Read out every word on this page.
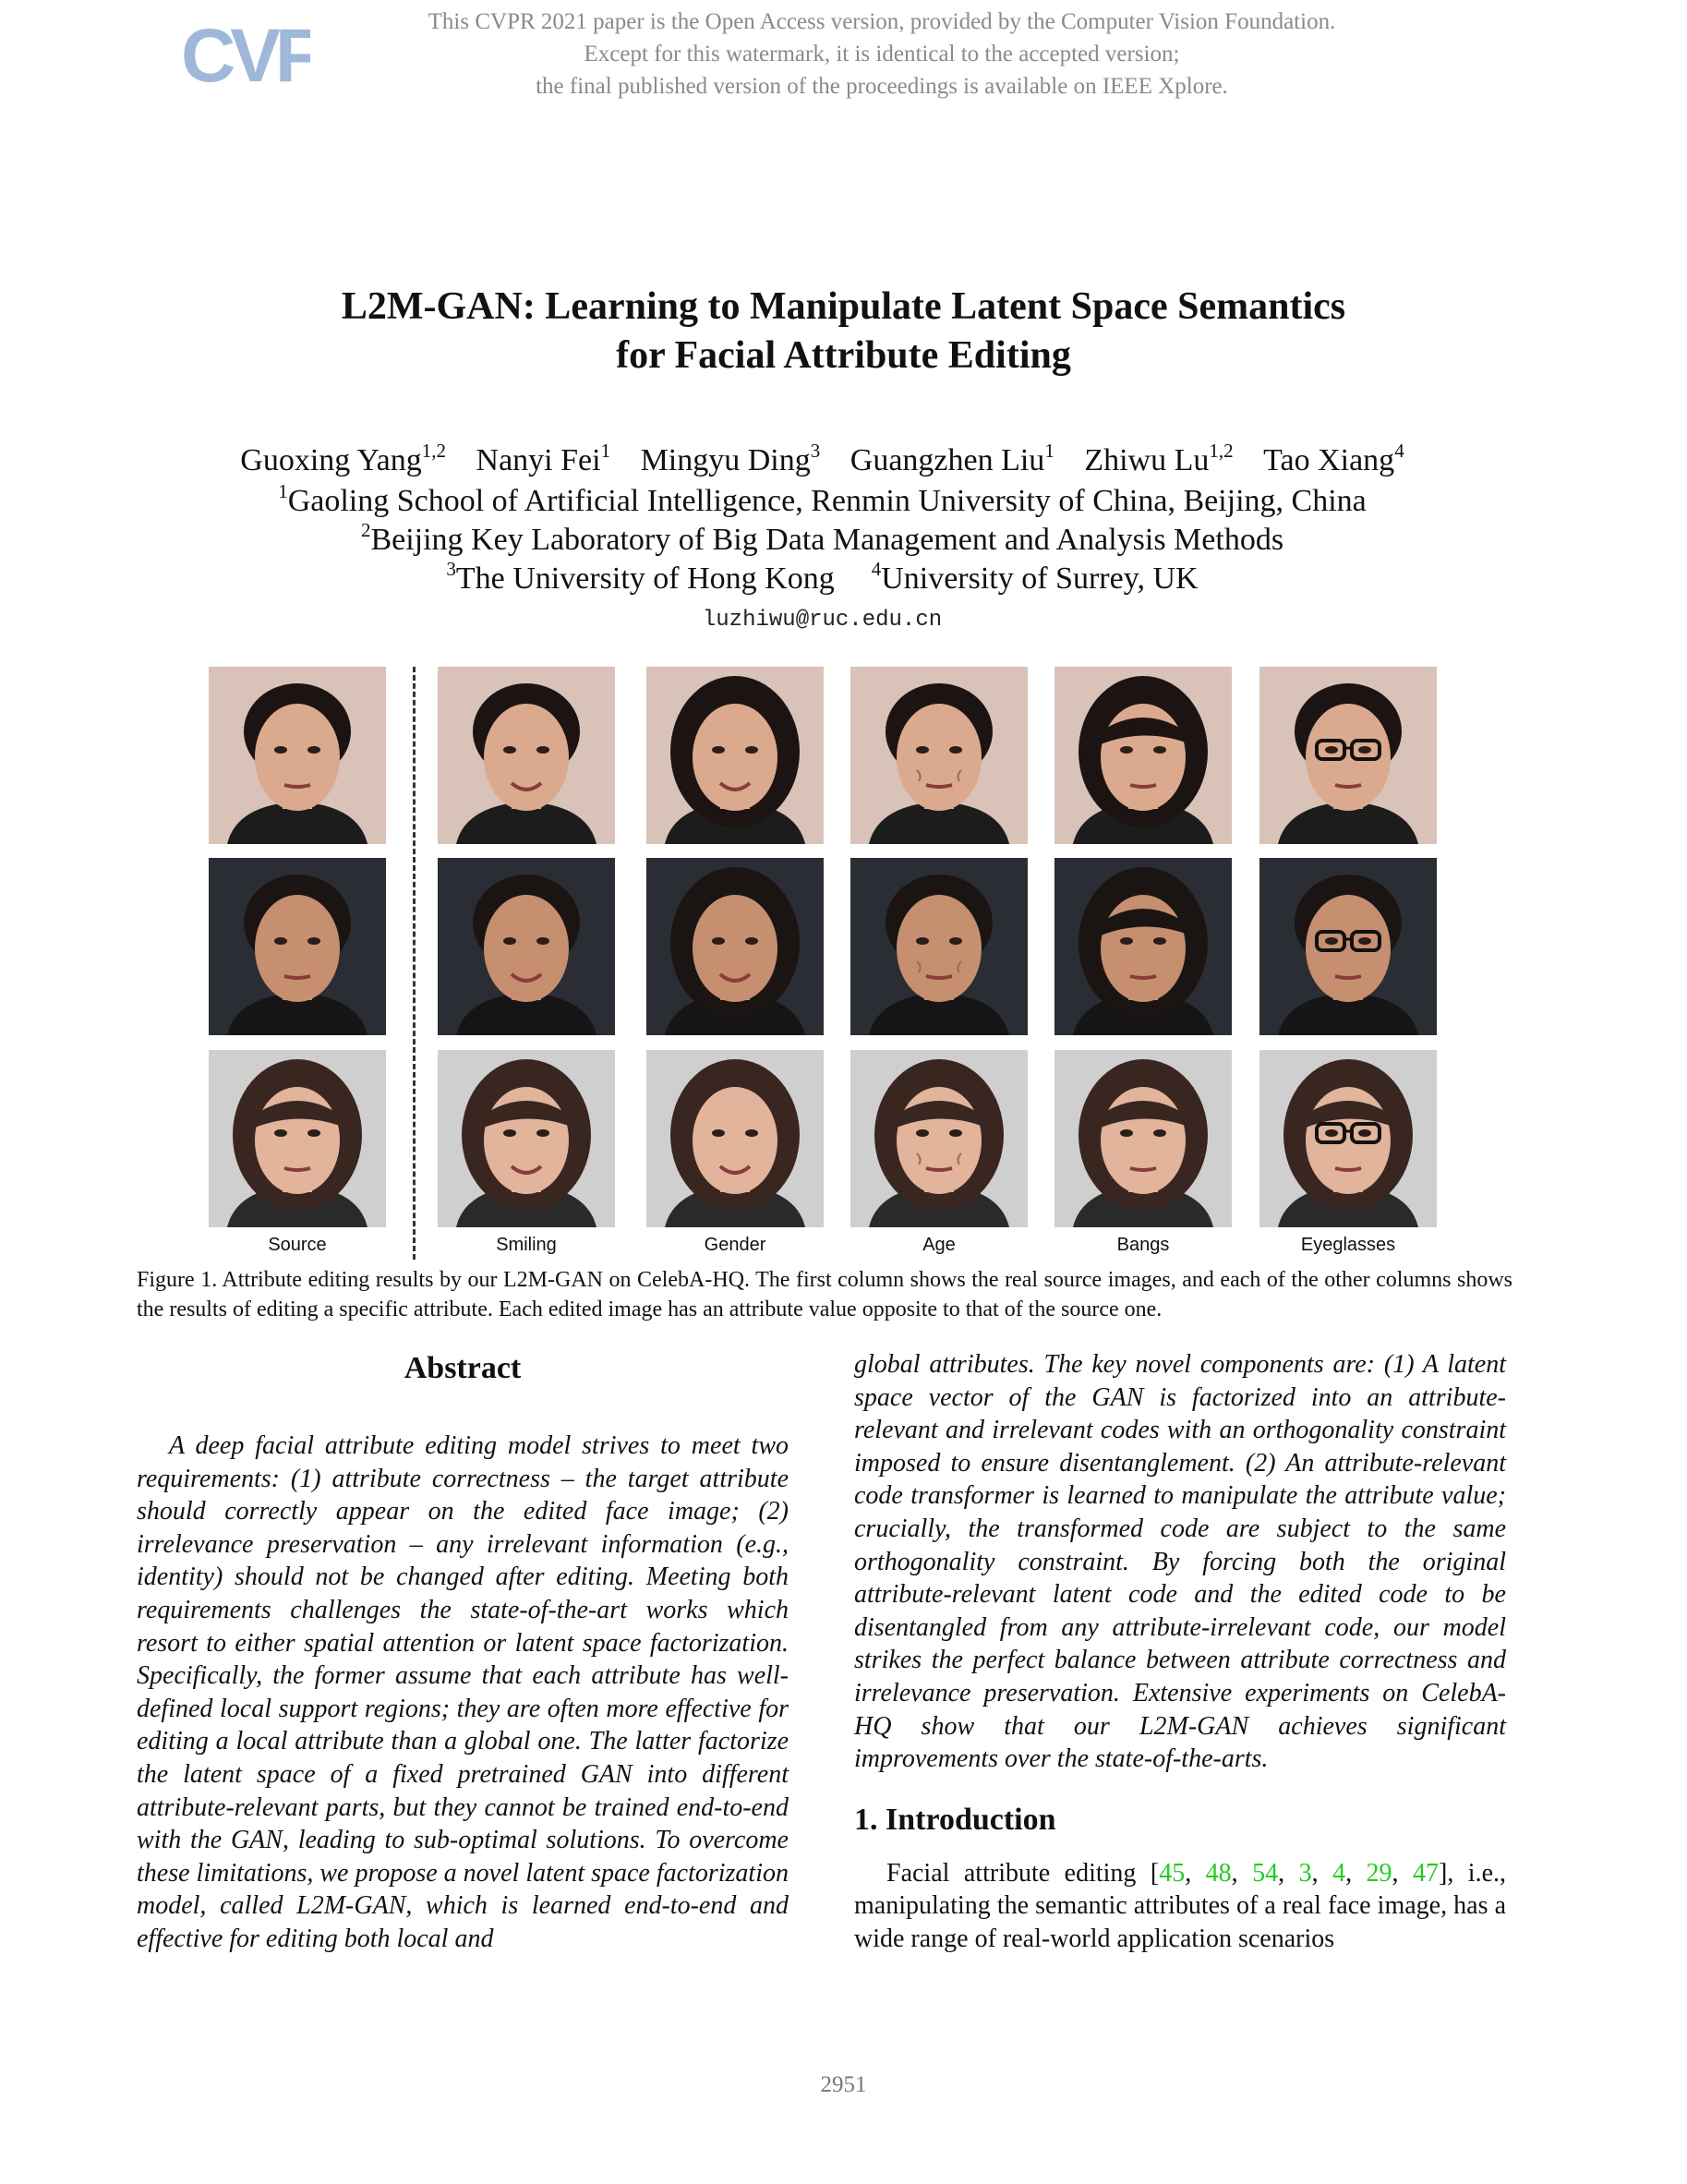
CVF	This CVPR 2021 paper is the Open Access version, provided by the Computer Vision Foundation.
Except for this watermark, it is identical to the accepted version;
the final published version of the proceedings is available on IEEE Xplore.
L2M-GAN: Learning to Manipulate Latent Space Semantics
for Facial Attribute Editing
Guoxing Yang$^{1,2}$ Nanyi Fei$^1$ Mingyu Ding$^3$ Guangzhen Liu$^1$ Zhiwu Lu$^{1,2}$ Tao Xiang$^4$
$^1$Gaoling School of Artificial Intelligence, Renmin University of China, Beijing, China
$^2$Beijing Key Laboratory of Big Data Management and Analysis Methods
$^3$The University of Hong Kong $^4$University of Surrey, UK
luzhiwu@ruc.edu.cn
Source	Smiling	Gender	Age	Bangs	Eyeglasses
Figure 1. Attribute editing results by our L2M-GAN on CelebA-HQ. The first column shows the real source images, and each of the other columns shows the results of editing a specific attribute. Each edited image has an attribute value opposite to that of the source one.
Abstract

A deep facial attribute editing model strives to meet two requirements: (1) attribute correctness – the target attribute should correctly appear on the edited face image; (2) irrelevance preservation – any irrelevant information (e.g., identity) should not be changed after editing. Meeting both requirements challenges the state-of-the-art works which resort to either spatial attention or latent space factorization. Specifically, the former assume that each attribute has well-defined local support regions; they are often more effective for editing a local attribute than a global one. The latter factorize the latent space of a fixed pretrained GAN into different attribute-relevant parts, but they cannot be trained end-to-end with the GAN, leading to sub-optimal solutions. To overcome these limitations, we propose a novel latent space factorization model, called L2M-GAN, which is learned end-to-end and effective for editing both local and

global attributes. The key novel components are: (1) A latent space vector of the GAN is factorized into an attribute-relevant and irrelevant codes with an orthogonality constraint imposed to ensure disentanglement. (2) An attribute-relevant code transformer is learned to manipulate the attribute value; crucially, the transformed code are subject to the same orthogonality constraint. By forcing both the original attribute-relevant latent code and the edited code to be disentangled from any attribute-irrelevant code, our model strikes the perfect balance between attribute correctness and irrelevance preservation. Extensive experiments on CelebA-HQ show that our L2M-GAN achieves significant improvements over the state-of-the-arts.

1. Introduction

Facial attribute editing [45, 48, 54, 3, 4, 29, 47], i.e., manipulating the semantic attributes of a real face image, has a wide range of real-world application scenarios

2951
